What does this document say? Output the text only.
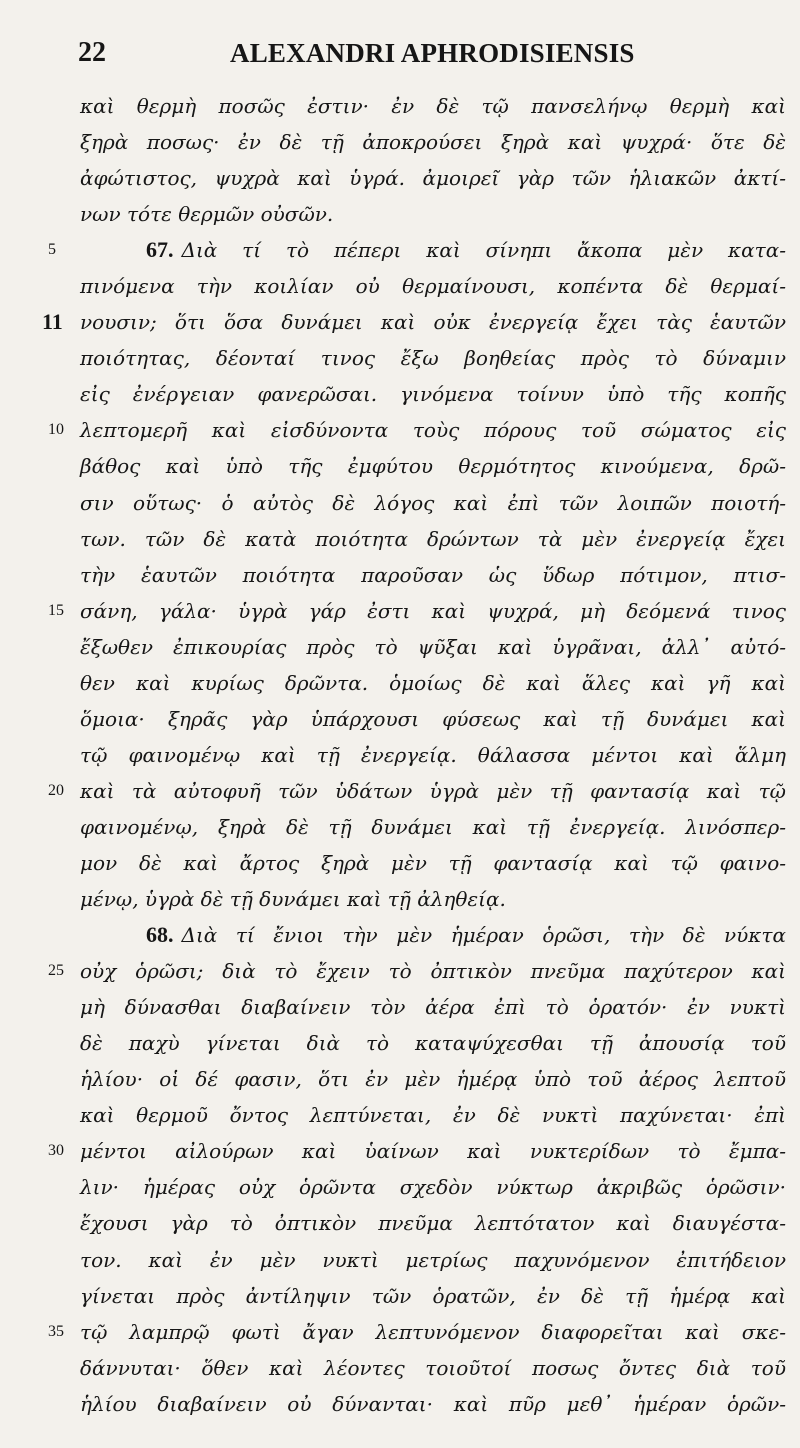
22	ALEXANDRI APHRODISIENSIS
καὶ θερμὴ ποσῶς ἐστιν· ἐν δὲ τῷ πανσελήνῳ θερμὴ καὶ
ξηρὰ ποσως· ἐν δὲ τῇ ἀποκρούσει ξηρὰ καὶ ψυχρά· ὅτε δὲ
ἀφώτιστος, ψυχρὰ καὶ ὑγρά. ἀμοιρεῖ γὰρ τῶν ἡλιακῶν ἀκτί-
νων τότε θερμῶν οὐσῶν.
5	67. Διὰ τί τὸ πέπερι καὶ σίνηπι ἄκοπα μὲν κατα-
πινόμενα τὴν κοιλίαν οὐ θερμαίνουσι, κοπέντα δὲ θερμαί-
11 νουσιν; ὅτι ὅσα δυνάμει καὶ οὐκ ἐνεργείᾳ ἔχει τὰς ἑαυτῶν
ποιότητας, δέονταί τινος ἔξω βοηθείας πρὸς τὸ δύναμιν
εἰς ἐνέργειαν φανερῶσαι. γινόμενα τοίνυν ὑπὸ τῆς κοπῆς
10 λεπτομερῆ καὶ εἰσδύνοντα τοὺς πόρους τοῦ σώματος εἰς
βάθος καὶ ὑπὸ τῆς ἐμφύτου θερμότητος κινούμενα, δρῶ-
σιν οὕτως· ὁ αὐτὸς δὲ λόγος καὶ ἐπὶ τῶν λοιπῶν ποιοτή-
των. τῶν δὲ κατὰ ποιότητα δρώντων τὰ μὲν ἐνεργείᾳ ἔχει
τὴν ἑαυτῶν ποιότητα παροῦσαν ὡς ὕδωρ πότιμον, πτισ-
15 σάνη, γάλα· ὑγρὰ γάρ ἐστι καὶ ψυχρά, μὴ δεόμενά τινος
ἔξωθεν ἐπικουρίας πρὸς τὸ ψῦξαι καὶ ὑγρᾶναι, ἀλλ᾽ αὐτό-
θεν καὶ κυρίως δρῶντα. ὁμοίως δὲ καὶ ἅλες καὶ γῆ καὶ
ὅμοια· ξηρᾶς γὰρ ὑπάρχουσι φύσεως καὶ τῇ δυνάμει καὶ
τῷ φαινομένῳ καὶ τῇ ἐνεργείᾳ. θάλασσα μέντοι καὶ ἅλμη
20 καὶ τὰ αὐτοφυῆ τῶν ὑδάτων ὑγρὰ μὲν τῇ φαντασίᾳ καὶ τῷ
φαινομένῳ, ξηρὰ δὲ τῇ δυνάμει καὶ τῇ ἐνεργείᾳ. λινόσπερ-
μον δὲ καὶ ἄρτος ξηρὰ μὲν τῇ φαντασίᾳ καὶ τῷ φαινο-
μένῳ, ὑγρὰ δὲ τῇ δυνάμει καὶ τῇ ἀληθείᾳ.
68. Διὰ τί ἔνιοι τὴν μὲν ἡμέραν ὁρῶσι, τὴν δὲ νύκτα
25 οὐχ ὁρῶσι; διὰ τὸ ἔχειν τὸ ὀπτικὸν πνεῦμα παχύτερον καὶ
μὴ δύνασθαι διαβαίνειν τὸν ἀέρα ἐπὶ τὸ ὁρατόν· ἐν νυκτὶ
δὲ παχὺ γίνεται διὰ τὸ καταψύχεσθαι τῇ ἀπουσίᾳ τοῦ
ἡλίου· οἱ δέ φασιν, ὅτι ἐν μὲν ἡμέρᾳ ὑπὸ τοῦ ἀέρος λεπτοῦ
καὶ θερμοῦ ὄντος λεπτύνεται, ἐν δὲ νυκτὶ παχύνεται· ἐπὶ
30 μέντοι αἰλούρων καὶ ὑαίνων καὶ νυκτερίδων τὸ ἔμπα-
λιν· ἡμέρας οὐχ ὁρῶντα σχεδὸν νύκτωρ ἀκριβῶς ὁρῶσιν·
ἔχουσι γὰρ τὸ ὀπτικὸν πνεῦμα λεπτότατον καὶ διαυγέστα-
τον. καὶ ἐν μὲν νυκτὶ μετρίως παχυνόμενον ἐπιτήδειον
γίνεται πρὸς ἀντίληψιν τῶν ὁρατῶν, ἐν δὲ τῇ ἡμέρᾳ καὶ
35 τῷ λαμπρῷ φωτὶ ἄγαν λεπτυνόμενον διαφορεῖται καὶ σκε-
δάννυται· ὅθεν καὶ λέοντες τοιοῦτοί ποσως ὄντες διὰ τοῦ
ἡλίου διαβαίνειν οὐ δύνανται· καὶ πῦρ μεθ᾽ ἡμέραν ὁρῶν-
